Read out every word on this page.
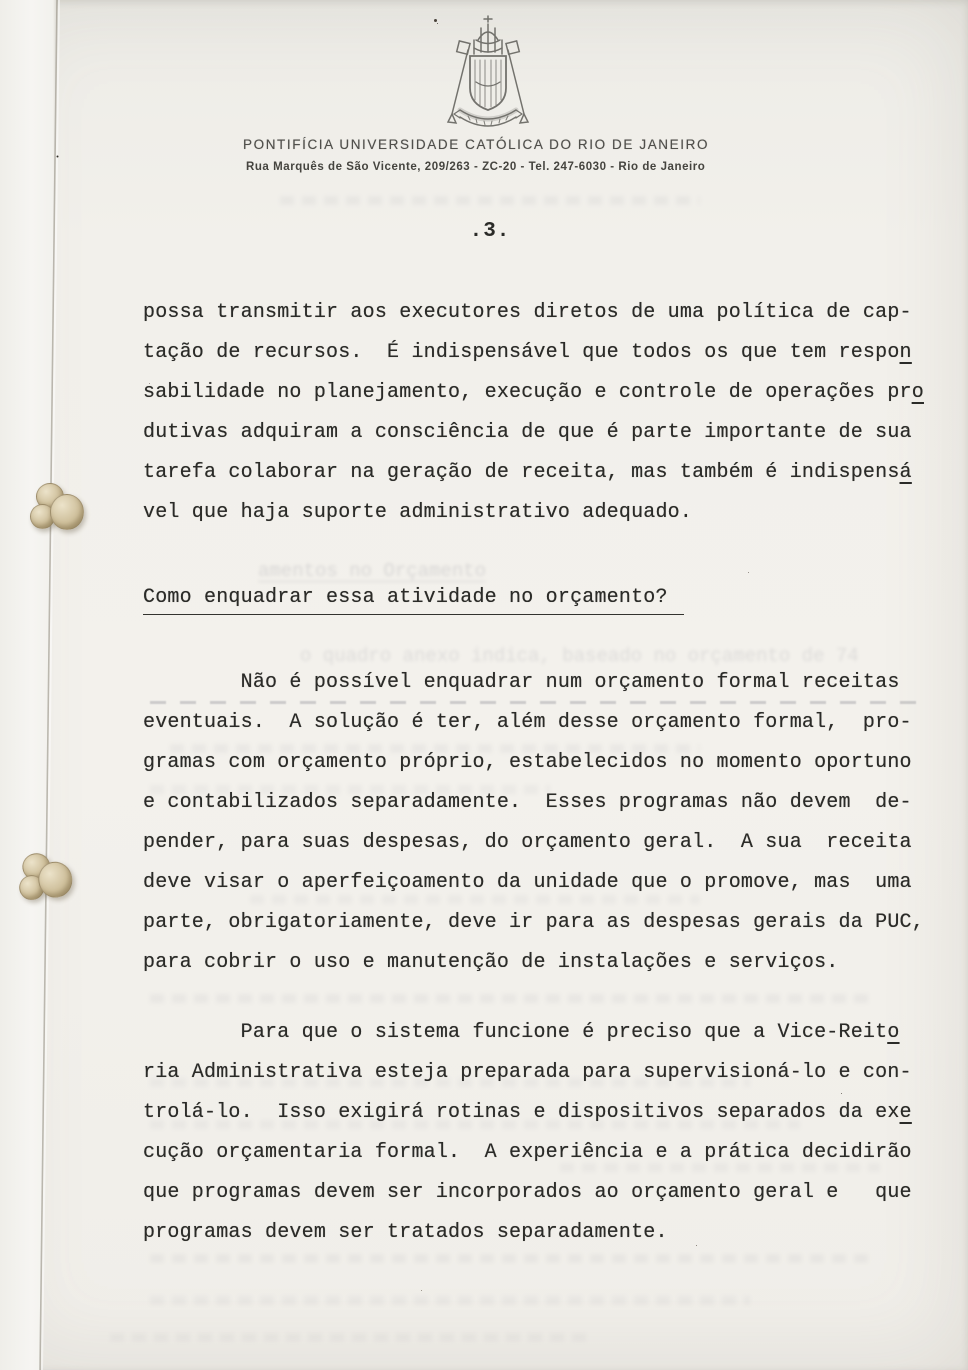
amentos no Orçamento
o quadro anexo indica, baseado no orçamento de 74
PONTIFÍCIA UNIVERSIDADE CATÓLICA DO RIO DE JANEIRO
Rua Marquês de São Vicente, 209/263 - ZC-20 - Tel. 247-6030 - Rio de Janeiro
.3.
possa transmitir aos executores diretos de uma política de cap-
tação de recursos.  É indispensável que todos os que tem respon
sabilidade no planejamento, execução e controle de operações pro
dutivas adquiram a consciência de que é parte importante de sua
tarefa colaborar na geração de receita, mas também é indispensá
vel que haja suporte administrativo adequado.
Como enquadrar essa atividade no orçamento?
Não é possível enquadrar num orçamento formal receitas
eventuais.  A solução é ter, além desse orçamento formal,  pro-
gramas com orçamento próprio, estabelecidos no momento oportuno
e contabilizados separadamente.  Esses programas não devem  de-
pender, para suas despesas, do orçamento geral.  A sua  receita
deve visar o aperfeiçoamento da unidade que o promove, mas  uma
parte, obrigatoriamente, deve ir para as despesas gerais da PUC,
para cobrir o uso e manutenção de instalações e serviços.
Para que o sistema funcione é preciso que a Vice-Reito
ria Administrativa esteja preparada para supervisioná-lo e con-
trolá-lo.  Isso exigirá rotinas e dispositivos separados da exe
cução orçamentaria formal.  A experiência e a prática decidirão
que programas devem ser incorporados ao orçamento geral e   que
programas devem ser tratados separadamente.
